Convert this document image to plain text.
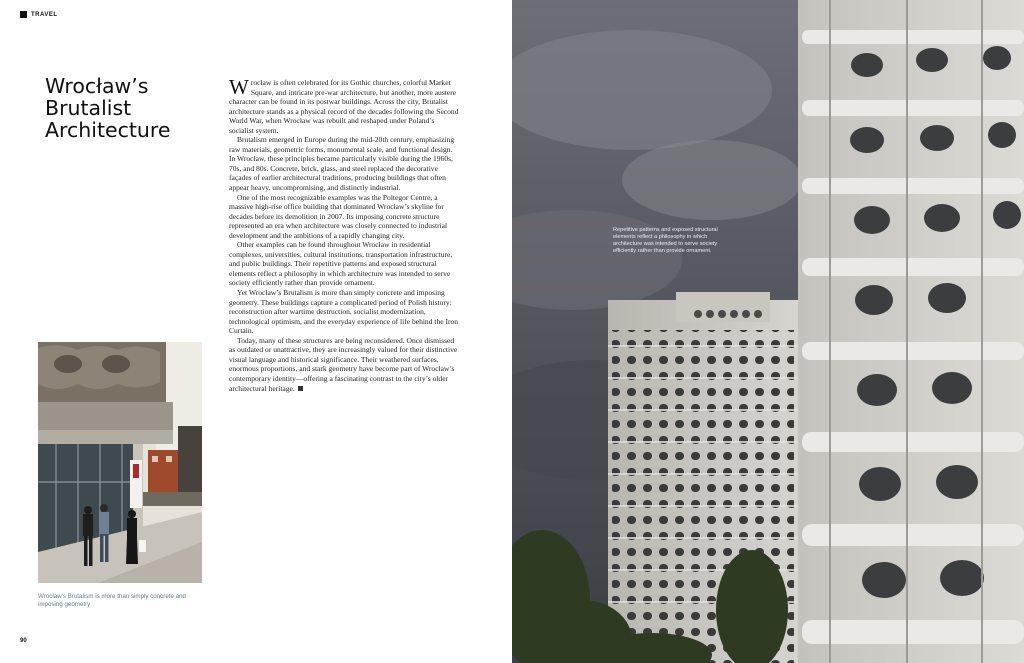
TRAVEL
Wrocław’s
Brutalist
Architecture

Wrocław is often celebrated for its Gothic churches, colorful Market Square, and intricate pre-war architecture, but another, more austere character can be found in its postwar buildings. Across the city, Brutalist architecture stands as a physical record of the decades following the Second World War, when Wrocław was rebuilt and reshaped under Poland’s socialist system.

Brutalism emerged in Europe during the mid-20th century, emphasizing raw materials, geometric forms, monumental scale, and functional design. In Wrocław, these principles became particularly visible during the 1960s, 70s, and 80s. Concrete, brick, glass, and steel replaced the decorative façades of earlier architectural traditions, producing buildings that often appear heavy, uncompromising, and distinctly industrial.

One of the most recognizable examples was the Poltegor Centre, a massive high-rise office building that dominated Wrocław’s skyline for decades before its demolition in 2007. Its imposing concrete structure represented an era when architecture was closely connected to industrial development and the ambitions of a rapidly changing city.

Other examples can be found throughout Wrocław in residential complexes, universities, cultural institutions, transportation infrastructure, and public buildings. Their repetitive patterns and exposed structural elements reflect a philosophy in which architecture was intended to serve society efficiently rather than provide ornament.

Yet Wrocław’s Brutalism is more than simply concrete and imposing geometry. These buildings capture a complicated period of Polish history: reconstruction after wartime destruction, socialist modernization, technological optimism, and the everyday experience of life behind the Iron Curtain.

Today, many of these structures are being reconsidered. Once dismissed as outdated or unattractive, they are increasingly valued for their distinctive visual language and historical significance. Their weathered surfaces, enormous proportions, and stark geometry have become part of Wrocław’s contemporary identity—offering a fascinating contrast to the city’s older architectural heritage.

Wrocław’s Brutalism is more than simply concrete and imposing geometry
90
Repetitive patterns and exposed structural elements reflect a philosophy in which architecture was intended to serve society efficiently rather than provide ornament.
